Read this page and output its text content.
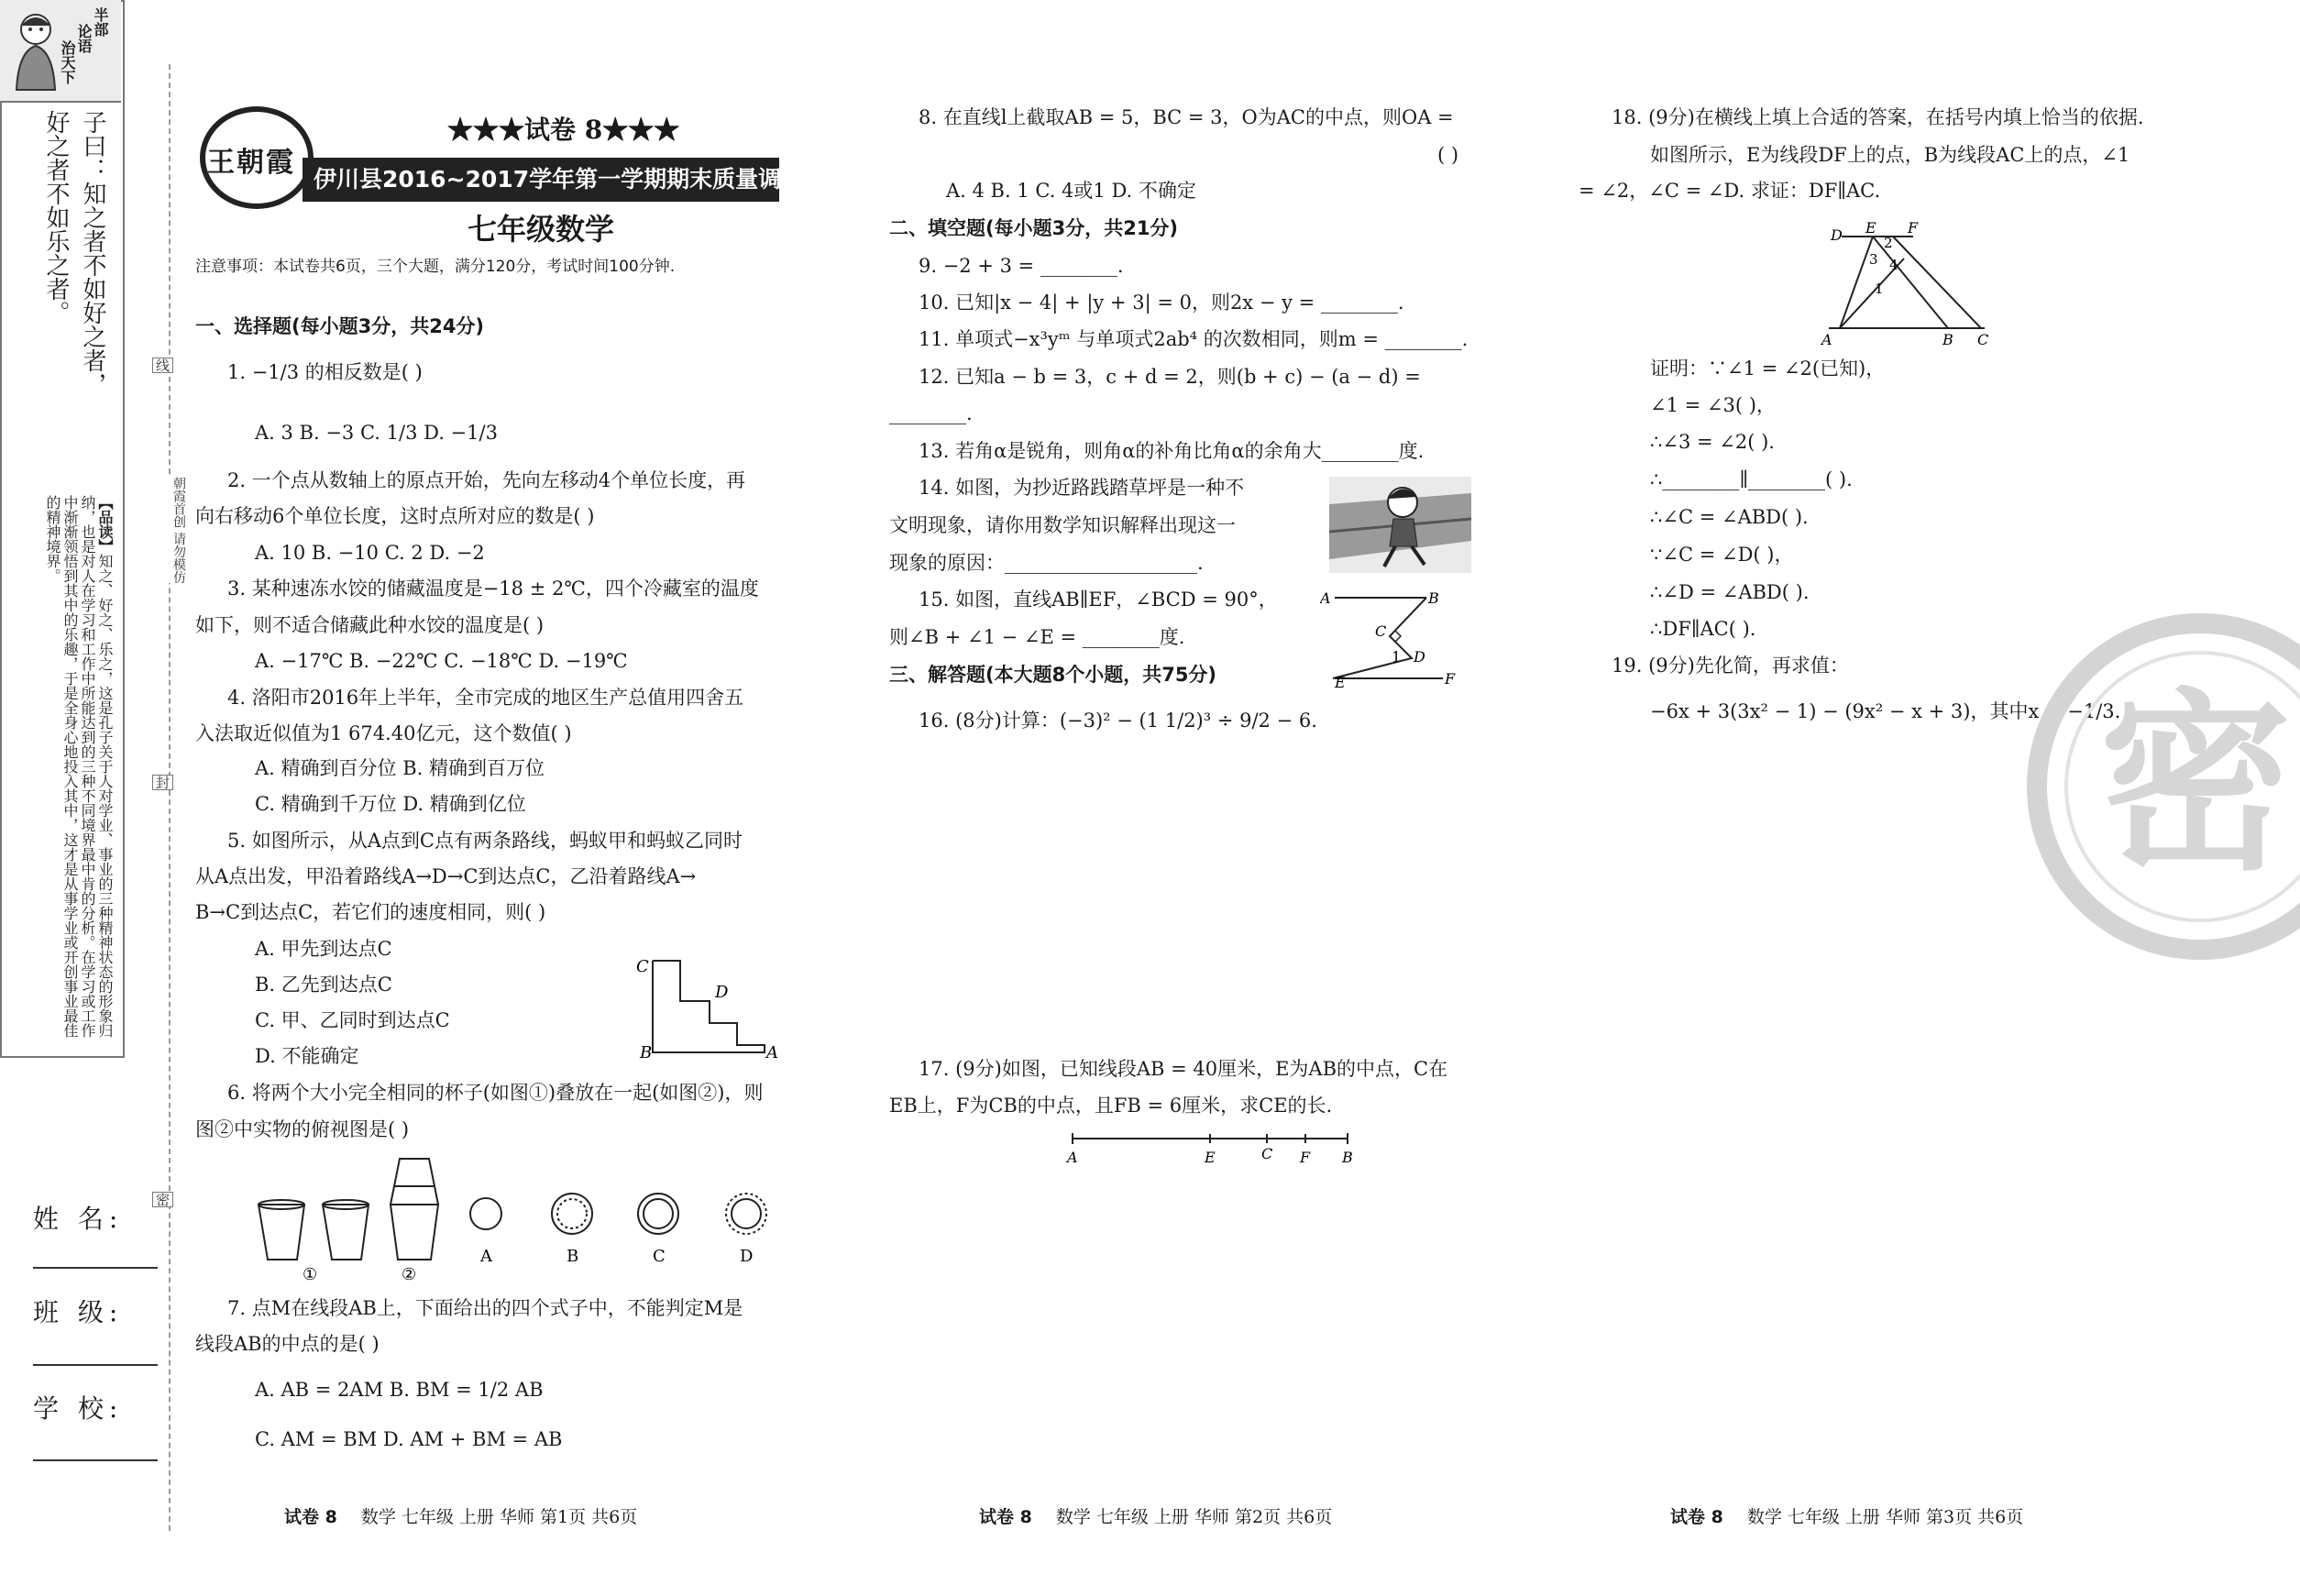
半部
论语
治天下
子曰：知之者不如好之者，
好之者不如乐之者。
【品读】知之、好之、乐之，这是孔子关于人对学业、事业的三种精神状态的形象归纳，也是对人在学习和工作中所能达到的三种不同境界最中肯的分析。在学习或工作中渐渐领悟到其中的乐趣，于是全身心地投入其中，这才是从事学业或开创事业最佳的精神境界。
姓 名:
班 级:
学 校:
线
朝霞首创 请勿模仿
封
密
王朝霞
★★★试卷 8★★★
伊川县2016~2017学年第一学期期末质量调研检测试卷
七年级数学
注意事项：本试卷共6页，三个大题，满分120分，考试时间100分钟.
一、选择题(每小题3分，共24分)
1. −1/3 的相反数是( )
A. 3 B. −3 C. 1/3 D. −1/3
2. 一个点从数轴上的原点开始，先向左移动4个单位长度，再
向右移动6个单位长度，这时点所对应的数是( )
A. 10 B. −10 C. 2 D. −2
3. 某种速冻水饺的储藏温度是−18 ± 2℃，四个冷藏室的温度
如下，则不适合储藏此种水饺的温度是( )
A. −17℃ B. −22℃ C. −18℃ D. −19℃
4. 洛阳市2016年上半年，全市完成的地区生产总值用四舍五
入法取近似值为1 674.40亿元，这个数值( )
A. 精确到百分位 B. 精确到百万位
C. 精确到千万位 D. 精确到亿位
5. 如图所示，从A点到C点有两条路线，蚂蚁甲和蚂蚁乙同时
从A点出发，甲沿着路线A→D→C到达点C，乙沿着路线A→
B→C到达点C，若它们的速度相同，则( )
A. 甲先到达点C
B. 乙先到达点C
C. 甲、乙同时到达点C
D. 不能确定
6. 将两个大小完全相同的杯子(如图①)叠放在一起(如图②)，则
图②中实物的俯视图是( )
7. 点M在线段AB上，下面给出的四个式子中，不能判定M是
线段AB的中点的是( )
A. AB = 2AM B. BM = 1/2 AB
C. AM = BM D. AM + BM = AB
C
D
B	A
①	②
A	B	C	D
8. 在直线l上截取AB = 5，BC = 3，O为AC的中点，则OA =
( )
A. 4 B. 1 C. 4或1 D. 不确定
二、填空题(每小题3分，共21分)
9. −2 + 3 = ________.
10. 已知|x − 4| + |y + 3| = 0，则2x − y = ________.
11. 单项式−x³yᵐ 与单项式2ab⁴ 的次数相同，则m = ________.
12. 已知a − b = 3，c + d = 2，则(b + c) − (a − d) =
________.
13. 若角α是锐角，则角α的补角比角α的余角大________度.
14. 如图，为抄近路践踏草坪是一种不
文明现象，请你用数学知识解释出现这一
现象的原因：____________________.
15. 如图，直线AB∥EF，∠BCD = 90°，
则∠B + ∠1 − ∠E = ________度.
三、解答题(本大题8个小题，共75分)
16. (8分)计算：(−3)² − (1 1/2)³ ÷ 9/2 − 6.
17. (9分)如图，已知线段AB = 40厘米，E为AB的中点，C在
EB上，F为CB的中点，且FB = 6厘米，求CE的长.
A	B
C
1 D
E	F
A	E	C F B
18. (9分)在横线上填上合适的答案，在括号内填上恰当的依据.
如图所示，E为线段DF上的点，B为线段AC上的点，∠1
= ∠2，∠C = ∠D. 求证：DF∥AC.
证明：∵∠1 = ∠2(已知)，
∠1 = ∠3( )，
∴∠3 = ∠2( ).
∴________∥________( ).
∴∠C = ∠ABD( ).
∵∠C = ∠D( )，
∴∠D = ∠ABD( ).
∴DF∥AC( ).
19. (9分)先化简，再求值：
−6x + 3(3x² − 1) − (9x² − x + 3)，其中x = −1/3.
D E
2
F
3 4
1
A	B C
密
试卷 8 数学 七年级 上册 华师 第1页 共6页	试卷 8 数学 七年级 上册 华师 第2页 共6页	试卷 8 数学 七年级 上册 华师 第3页 共6页
